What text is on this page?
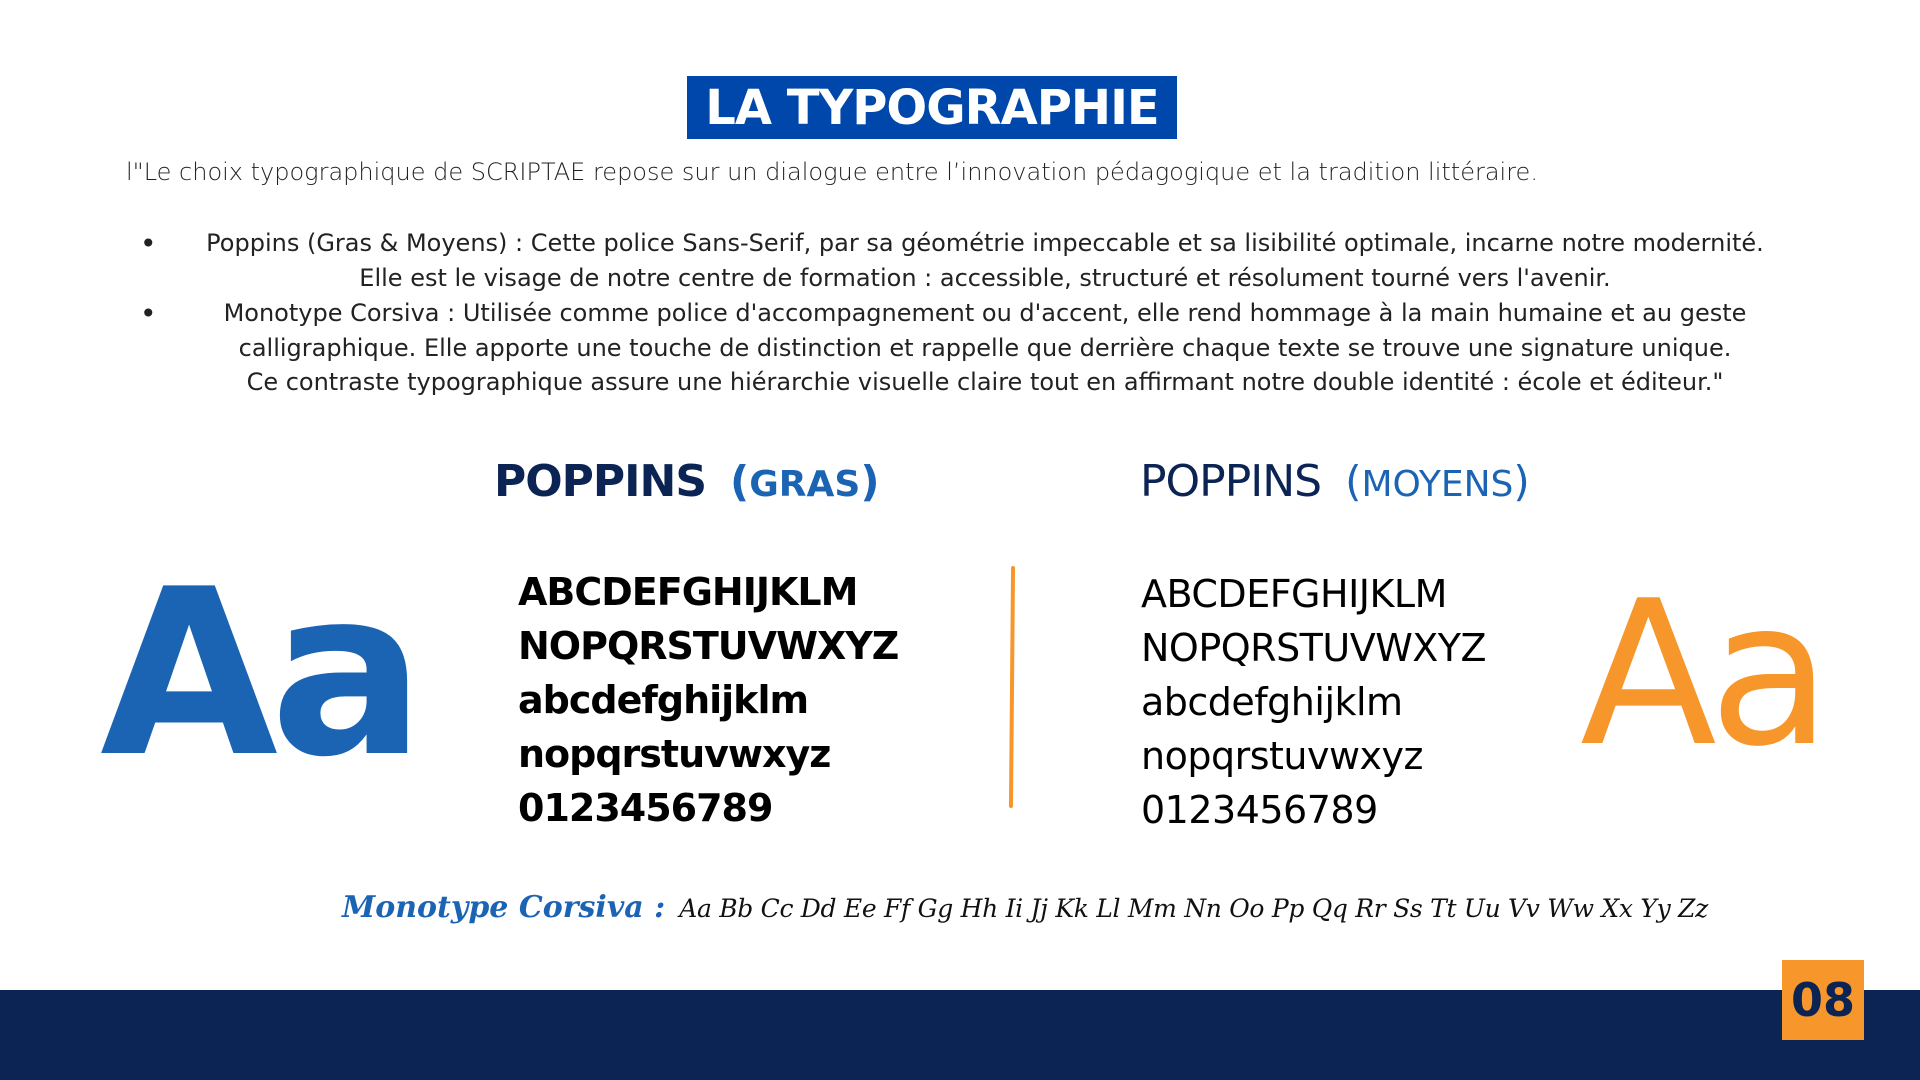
LA TYPOGRAPHIE
l"Le choix typographique de SCRIPTAE repose sur un dialogue entre l’innovation pédagogique et la tradition littéraire.
• Poppins (Gras & Moyens) : Cette police Sans-Serif, par sa géométrie impeccable et sa lisibilité optimale, incarne notre modernité.
Elle est le visage de notre centre de formation : accessible, structuré et résolument tourné vers l'avenir.
• Monotype Corsiva : Utilisée comme police d'accompagnement ou d'accent, elle rend hommage à la main humaine et au geste
calligraphique. Elle apporte une touche de distinction et rappelle que derrière chaque texte se trouve une signature unique.
Ce contraste typographique assure une hiérarchie visuelle claire tout en affirmant notre double identité : école et éditeur."
POPPINS (GRAS)	POPPINS (MOYENS)
Aa	Aa
ABCDEFGHIJKLM
NOPQRSTUVWXYZ
abcdefghijklm
nopqrstuvwxyz
0123456789
ABCDEFGHIJKLM
NOPQRSTUVWXYZ
abcdefghijklm
nopqrstuvwxyz
0123456789
Monotype Corsiva : Aa Bb Cc Dd Ee Ff Gg Hh Ii Jj Kk Ll Mm Nn Oo Pp Qq Rr Ss Tt Uu Vv Ww Xx Yy Zz
08
